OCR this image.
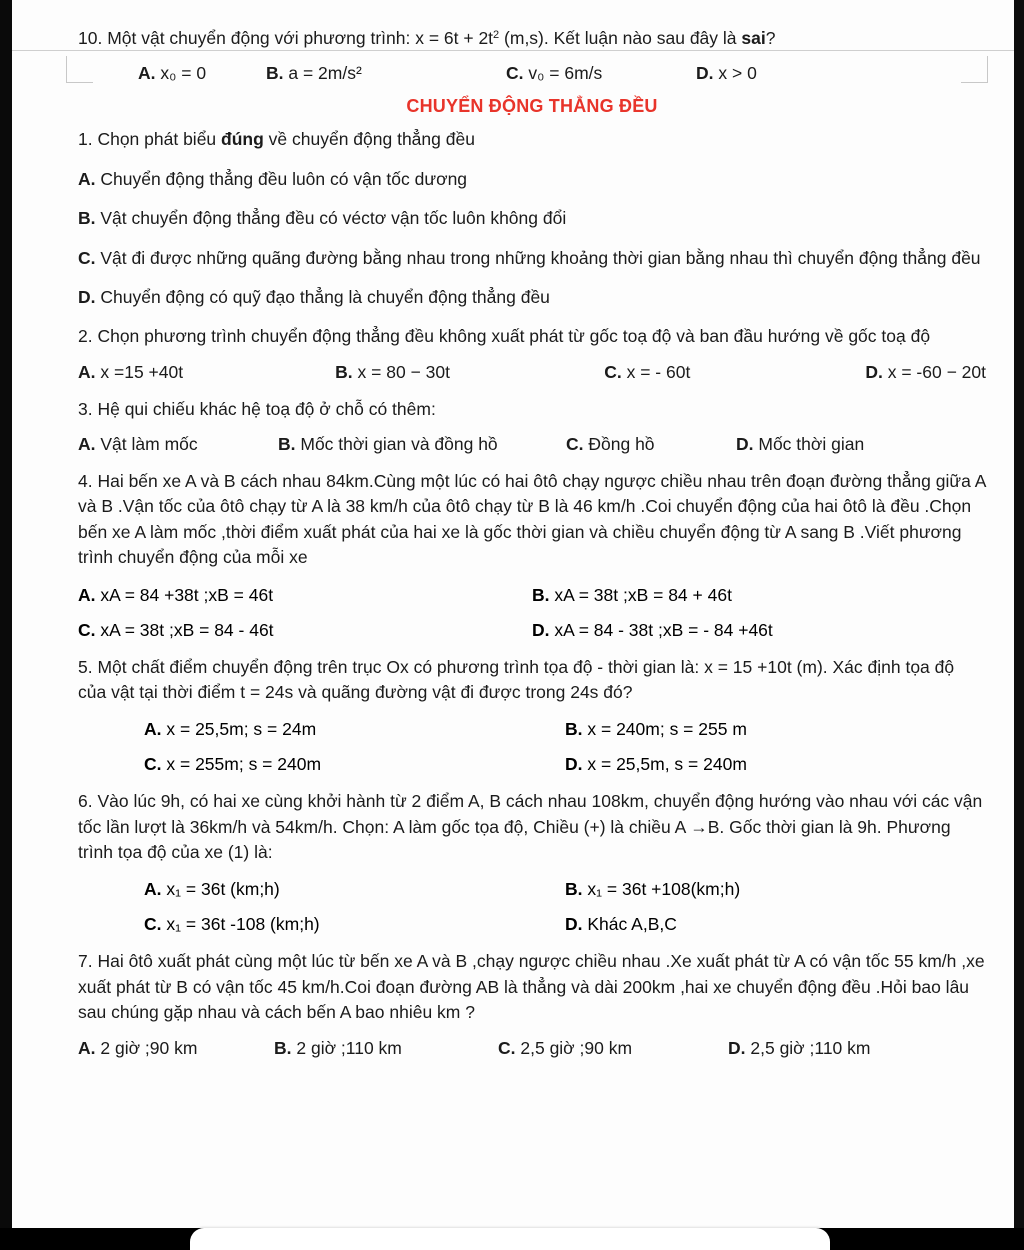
10. Một vật chuyển động với phương trình: $x = 6t + 2t^2$ (m,s). Kết luận nào sau đây là sai?
A. x₀ = 0	B. a = 2m/s²	C. v₀ = 6m/s	D. x > 0
CHUYỂN ĐỘNG THẲNG ĐỀU
1. Chọn phát biểu đúng về chuyển động thẳng đều
A. Chuyển động thẳng đều luôn có vận tốc dương
B. Vật chuyển động thẳng đều có véctơ vận tốc luôn không đổi
C. Vật đi được những quãng đường bằng nhau trong những khoảng thời gian bằng nhau thì chuyển động thẳng đều
D. Chuyển động có quỹ đạo thẳng là chuyển động thẳng đều
2. Chọn phương trình chuyển động thẳng đều không xuất phát từ gốc toạ độ và ban đầu hướng về gốc toạ độ
A. x =15 +40t	B. x = 80 − 30t	C. x = - 60t	D. x = -60 − 20t
3. Hệ qui chiếu khác hệ toạ độ ở chỗ có thêm:
A. Vật làm mốc	B. Mốc thời gian và đồng hồ	C. Đồng hồ	D. Mốc thời gian
4. Hai bến xe A và B cách nhau 84km.Cùng một lúc có hai ôtô chạy ngược chiều nhau trên đoạn đường thẳng giữa A và B .Vận tốc của ôtô chạy từ A là 38 km/h của ôtô chạy từ B là 46 km/h .Coi chuyển động của hai ôtô là đều .Chọn bến xe A làm mốc ,thời điểm xuất phát của hai xe là gốc thời gian và chiều chuyển động từ A sang B .Viết phương trình chuyển động của mỗi xe
A. xA = 84 +38t ;xB = 46t	B. xA = 38t ;xB = 84 + 46t
C. xA = 38t ;xB = 84 - 46t	D. xA = 84 - 38t ;xB = - 84 +46t
5. Một chất điểm chuyển động trên trục Ox có phương trình tọa độ - thời gian là: x = 15 +10t (m). Xác định tọa độ của vật tại thời điểm t = 24s và quãng đường vật đi được trong 24s đó?
A. x = 25,5m; s = 24m	B. x = 240m; s = 255 m
C. x = 255m; s = 240m	D. x = 25,5m, s = 240m
6. Vào lúc 9h, có hai xe cùng khởi hành từ 2 điểm A, B cách nhau 108km, chuyển động hướng vào nhau với các vận tốc lần lượt là 36km/h và 54km/h. Chọn: A làm gốc tọa độ, Chiều (+) là chiều A →B. Gốc thời gian là 9h. Phương trình tọa độ của xe (1) là:
A. x₁ = 36t (km;h)	B. x₁ = 36t +108(km;h)
C. x₁ = 36t -108 (km;h)	D. Khác A,B,C
7. Hai ôtô xuất phát cùng một lúc từ bến xe A và B ,chạy ngược chiều nhau .Xe xuất phát từ A có vận tốc 55 km/h ,xe xuất phát từ B có vận tốc 45 km/h.Coi đoạn đường AB là thẳng và dài 200km ,hai xe chuyển động đều .Hỏi bao lâu sau chúng gặp nhau và cách bến A bao nhiêu km ?
A. 2 giờ ;90 km	B. 2 giờ ;110 km	C. 2,5 giờ ;90 km	D. 2,5 giờ ;110 km
